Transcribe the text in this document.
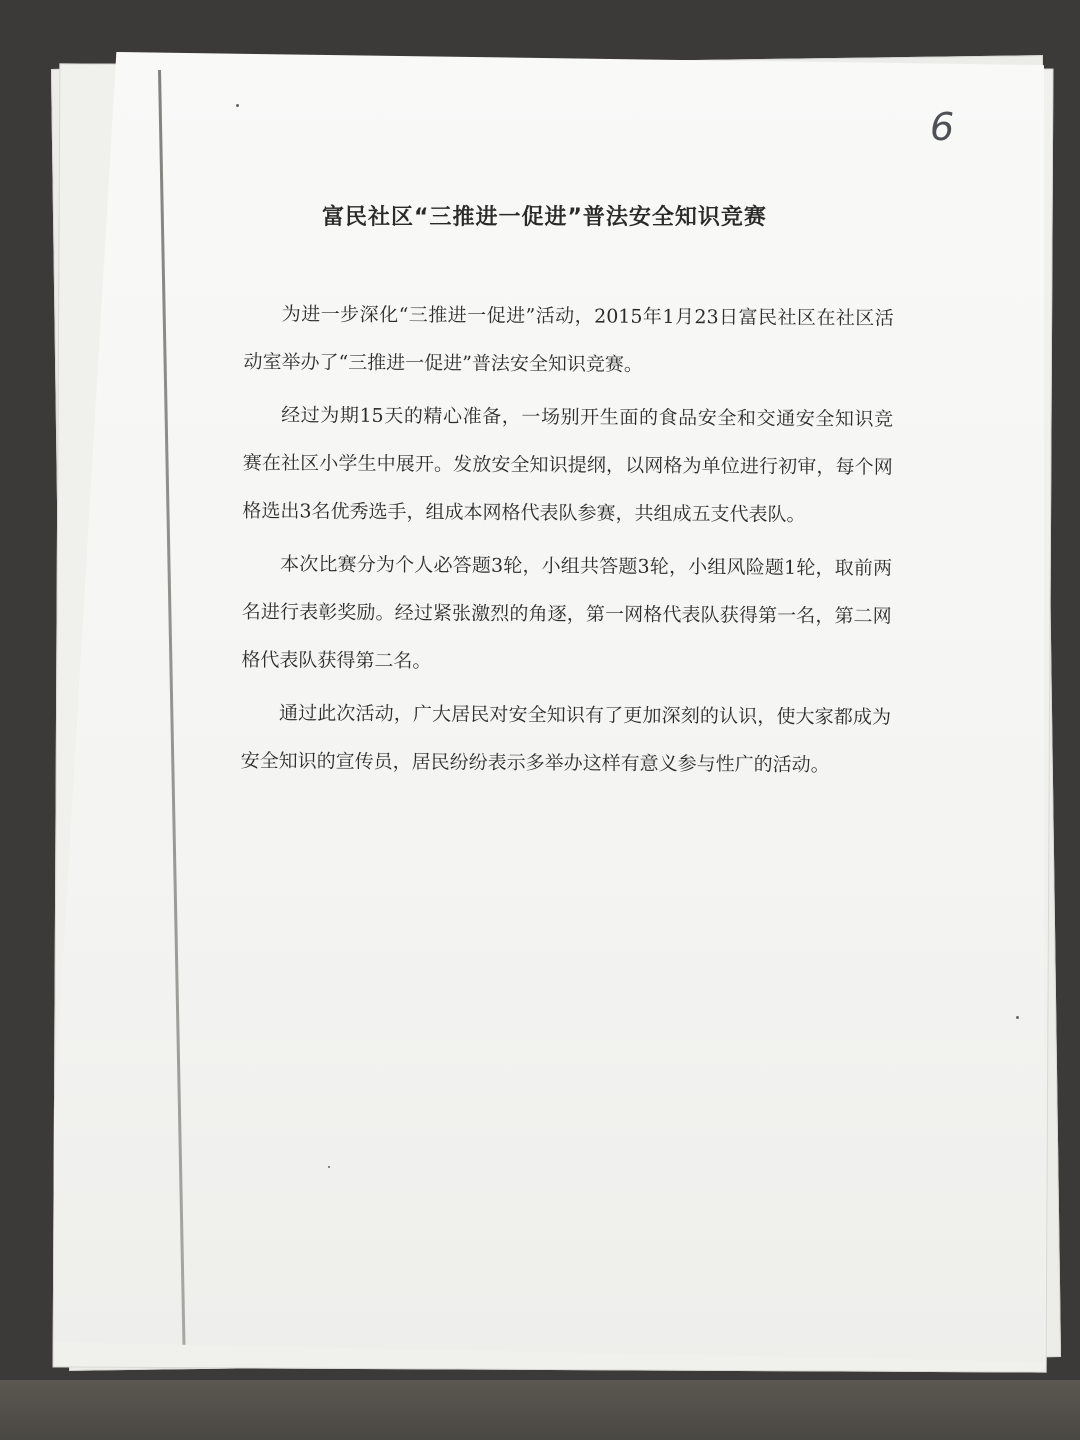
6
富民社区“三推进一促进”普法安全知识竞赛

为进一步深化“三推进一促进”活动，2015年1月23日富民社区在社区活动室举办了“三推进一促进”普法安全知识竞赛。

经过为期15天的精心准备，一场别开生面的食品安全和交通安全知识竞赛在社区小学生中展开。发放安全知识提纲，以网格为单位进行初审，每个网格选出3名优秀选手，组成本网格代表队参赛，共组成五支代表队。

本次比赛分为个人必答题3轮，小组共答题3轮，小组风险题1轮，取前两名进行表彰奖励。经过紧张激烈的角逐，第一网格代表队获得第一名，第二网格代表队获得第二名。

通过此次活动，广大居民对安全知识有了更加深刻的认识，使大家都成为安全知识的宣传员，居民纷纷表示多举办这样有意义参与性广的活动。
